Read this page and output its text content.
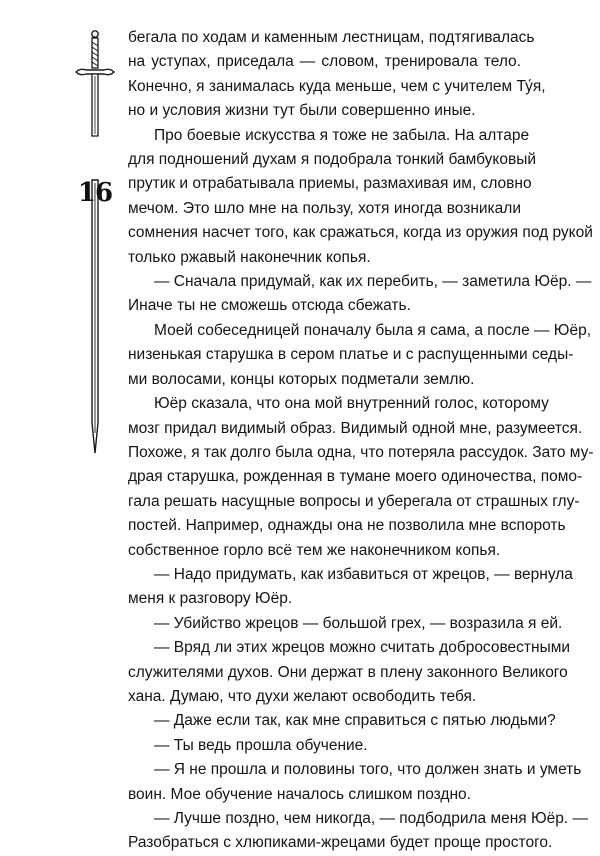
16
бегала по ходам и каменным лестницам, подтягивалась
на уступах, приседала — словом, тренировала тело.
Конечно, я занималась куда меньше, чем с учителем Ту́я,
но и условия жизни тут были совершенно иные.
Про боевые искусства я тоже не забыла. На алтаре
для подношений духам я подобрала тонкий бамбуковый
прутик и отрабатывала приемы, размахивая им, словно
мечом. Это шло мне на пользу, хотя иногда возникали
сомнения насчет того, как сражаться, когда из оружия под рукой
только ржавый наконечник копья.
— Сначала придумай, как их перебить, — заметила Юёр. —
Иначе ты не сможешь отсюда сбежать.
Моей собеседницей поначалу была я сама, а после — Юёр,
низенькая старушка в сером платье и с распущенными седы-
ми волосами, концы которых подметали землю.
Юёр сказала, что она мой внутренний голос, которому
мозг придал видимый образ. Видимый одной мне, разумеется.
Похоже, я так долго была одна, что потеряла рассудок. Зато му-
драя старушка, рожденная в тумане моего одиночества, помо-
гала решать насущные вопросы и уберегала от страшных глу-
постей. Например, однажды она не позволила мне вспороть
собственное горло всё тем же наконечником копья.
— Надо придумать, как избавиться от жрецов, — вернула
меня к разговору Юёр.
— Убийство жрецов — большой грех, — возразила я ей.
— Вряд ли этих жрецов можно считать добросовестными
служителями духов. Они держат в плену законного Великого
хана. Думаю, что духи желают освободить тебя.
— Даже если так, как мне справиться с пятью людьми?
— Ты ведь прошла обучение.
— Я не прошла и половины того, что должен знать и уметь
воин. Мое обучение началось слишком поздно.
— Лучше поздно, чем никогда, — подбодрила меня Юёр. —
Разобраться с хлюпиками-жрецами будет проще простого.
